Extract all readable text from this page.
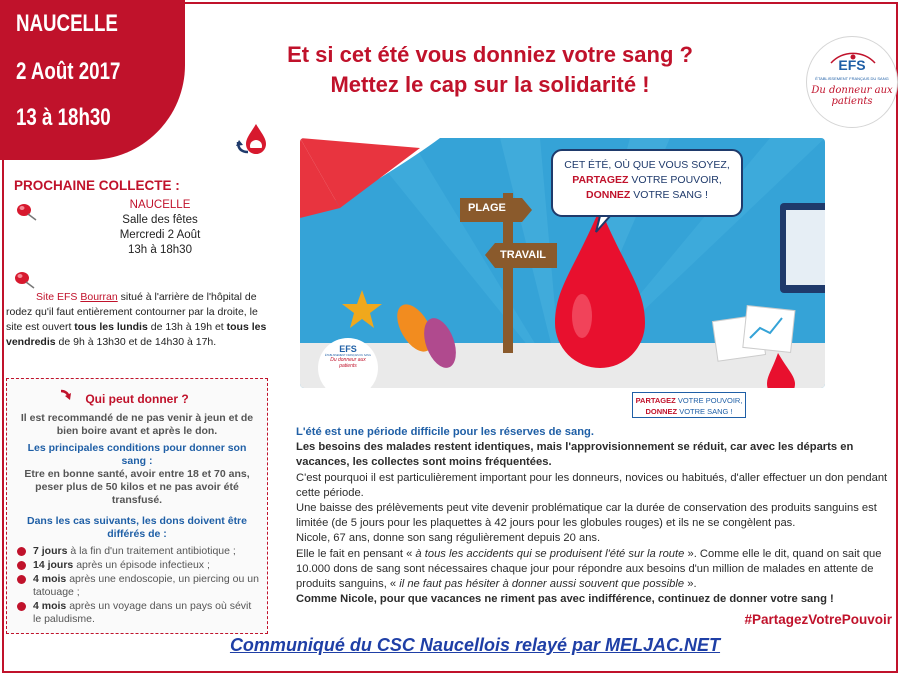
NAUCELLE
2 Août 2017
13 à 18h30
Et si cet été vous donniez votre sang ?
Mettez le cap sur la solidarité !
EFS
ÉTABLISSEMENT FRANÇAIS DU SANG
Du donneur aux patients
PROCHAINE COLLECTE :
NAUCELLE
Salle des fêtes
Mercredi 2 Août
13h à 18h30
Site EFS Bourran situé à l'arrière de l'hôpital de rodez qu'il faut entièrement contourner par la droite, le site est ouvert tous les lundis de 13h à 19h et tous les vendredis de 9h à 13h30 et de 14h30 à 17h.
Qui peut donner ?
Il est recommandé de ne pas venir à jeun et de bien boire avant et après le don.
Les principales conditions pour donner son sang :
Etre en bonne santé, avoir entre 18 et 70 ans, peser plus de 50 kilos et ne pas avoir été transfusé.
Dans les cas suivants, les dons doivent être différés de :
7 jours à la fin d'un traitement antibiotique ;
14 jours après un épisode infectieux ;
4 mois après une endoscopie, un piercing ou un tatouage ;
4 mois après un voyage dans un pays où sévit le paludisme.
PLAGE
TRAVAIL
CET ÉTÉ, OÙ QUE VOUS SOYEZ,
PARTAGEZ VOTRE POUVOIR,
DONNEZ VOTRE SANG !
EFS
ÉTABLISSEMENT FRANÇAIS DU SANG
Du donneur aux patients
PARTAGEZ VOTRE POUVOIR,
DONNEZ VOTRE SANG !
L'été est une période difficile pour les réserves de sang.
Les besoins des malades restent identiques, mais l'approvisionnement se réduit, car avec les départs en vacances, les collectes sont moins fréquentées.
C'est pourquoi il est particulièrement important pour les donneurs, novices ou habitués, d'aller effectuer un don pendant cette période.
Une baisse des prélèvements peut vite devenir problématique car la durée de conservation des produits sanguins est limitée (de 5 jours pour les plaquettes à 42 jours pour les globules rouges) et ils ne se congèlent pas.
Nicole, 67 ans, donne son sang régulièrement depuis 20 ans.
Elle le fait en pensant « à tous les accidents qui se produisent l'été sur la route ». Comme elle le dit, quand on sait que 10.000 dons de sang sont nécessaires chaque jour pour répondre aux besoins d'un million de malades en attente de produits sanguins, « il ne faut pas hésiter à donner aussi souvent que possible ».
Comme Nicole, pour que vacances ne riment pas avec indifférence, continuez de donner votre sang !
#PartagezVotrePouvoir
Communiqué du CSC Naucellois relayé par MELJAC.NET
